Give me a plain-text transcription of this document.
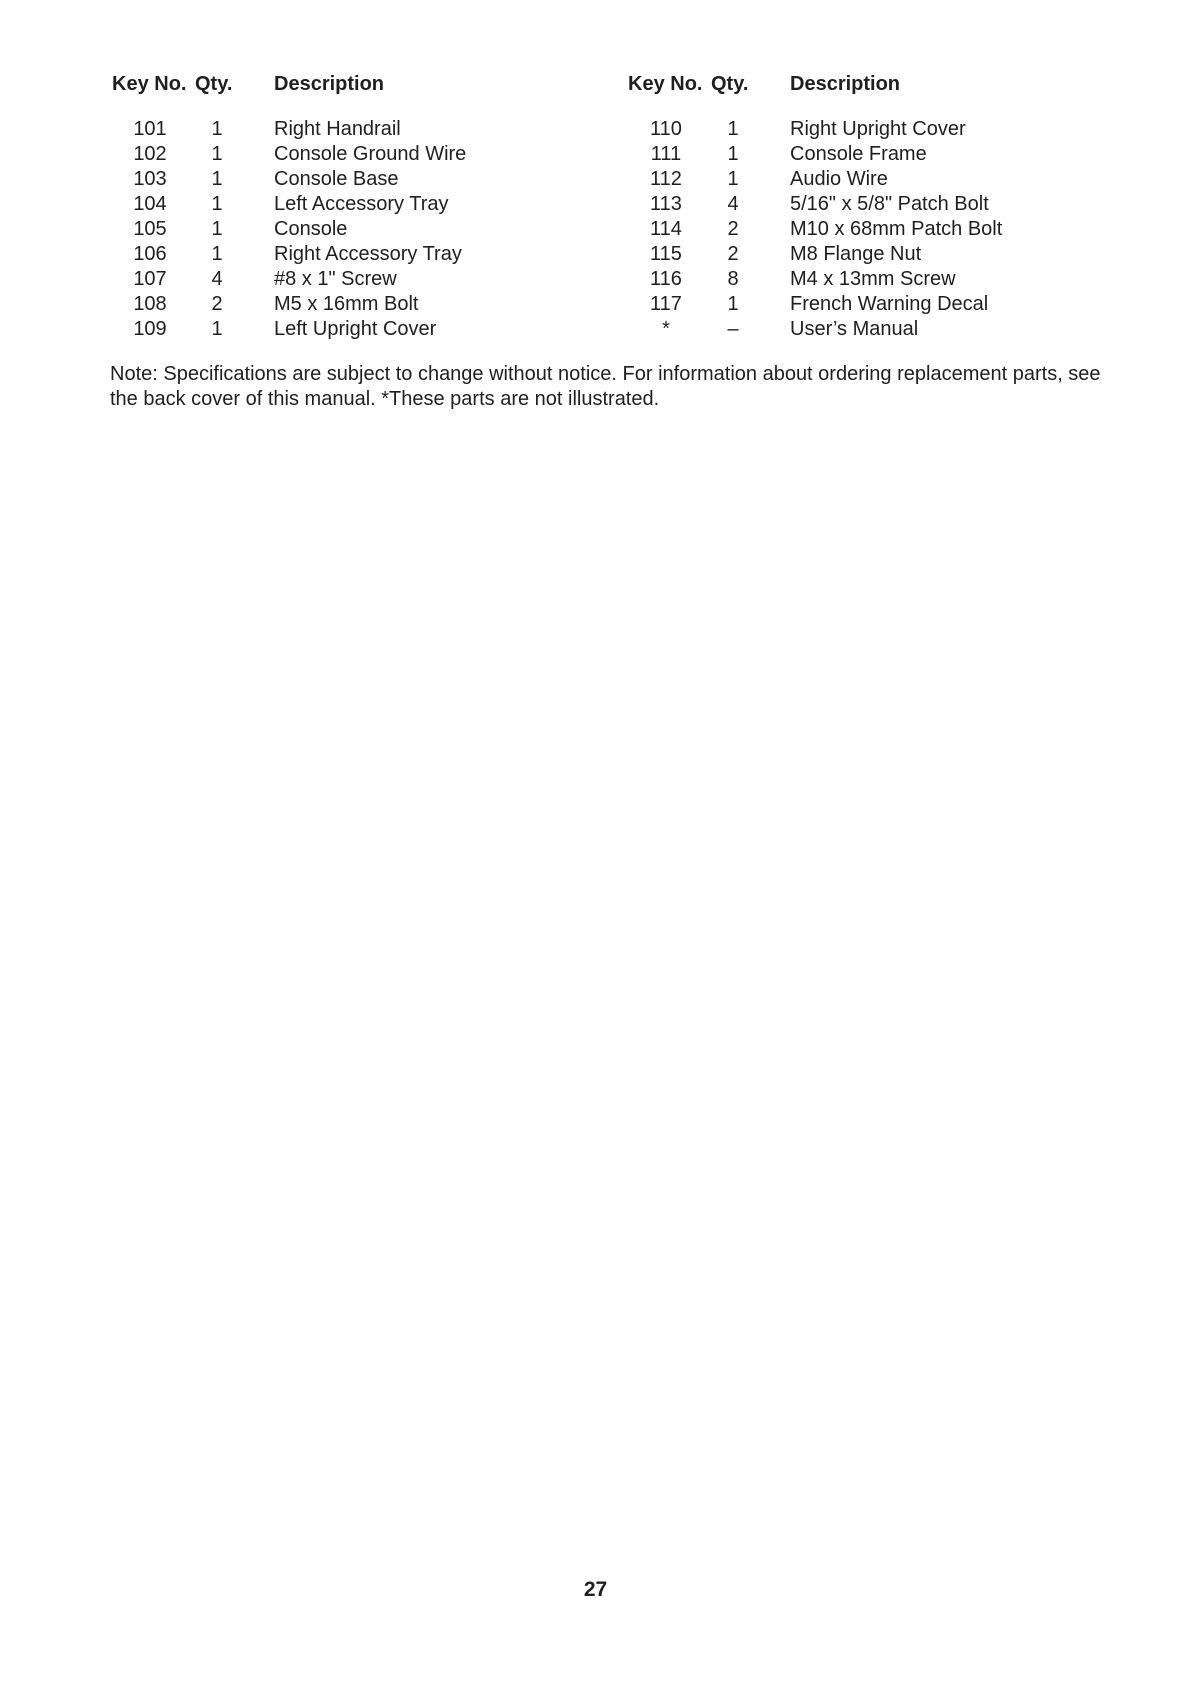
Key No. Qty. Description
101	1	Right Handrail
102	1	Console Ground Wire
103	1	Console Base
104	1	Left Accessory Tray
105	1	Console
106	1	Right Accessory Tray
107	4	#8 x 1" Screw
108	2	M5 x 16mm Bolt
109	1	Left Upright Cover
Key No. Qty. Description
110	1	Right Upright Cover
111	1	Console Frame
112	1	Audio Wire
113	4	5/16" x 5/8" Patch Bolt
114	2	M10 x 68mm Patch Bolt
115	2	M8 Flange Nut
116	8	M4 x 13mm Screw
117	1	French Warning Decal
*	–	User’s Manual

Note: Specifications are subject to change without notice. For information about ordering replacement parts, see the back cover of this manual. *These parts are not illustrated.

27
